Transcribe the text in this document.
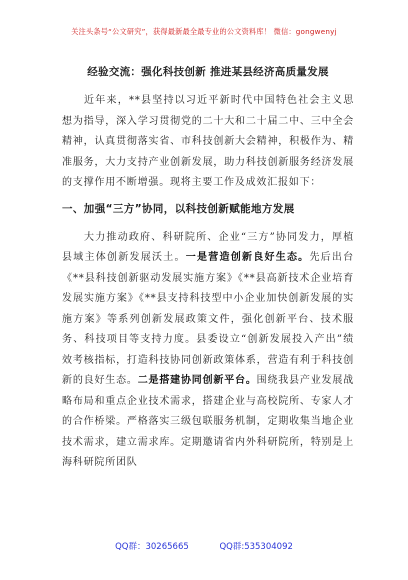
关注头条号“公文研究”，获得最新最全最专业的公文资料库！ 微信：gongwenyj
经验交流：强化科技创新 推进某县经济高质量发展

近年来，**县坚持以习近平新时代中国特色社会主义思想为指导，深入学习贯彻党的二十大和二十届二中、三中全会精神，认真贯彻落实省、市科技创新大会精神，积极作为、精准服务，大力支持产业创新发展，助力科技创新服务经济发展的支撑作用不断增强。现将主要工作及成效汇报如下：

一、加强“三方”协同，以科技创新赋能地方发展

大力推动政府、科研院所、企业“三方”协同发力，厚植县域主体创新发展沃土。一是营造创新良好生态。先后出台《**县科技创新驱动发展实施方案》《**县高新技术企业培育发展实施方案》《**县支持科技型中小企业加快创新发展的实施方案》等系列创新发展政策文件，强化创新平台、技术服务、科技项目等支持力度。县委设立“创新发展投入产出”绩效考核指标，打造科技协同创新政策体系，营造有利于科技创新的良好生态。二是搭建协同创新平台。围绕我县产业发展战略布局和重点企业技术需求，搭建企业与高校院所、专家人才的合作桥梁。严格落实三级包联服务机制，定期收集当地企业技术需求，建立需求库。定期邀请省内外科研院所，特别是上海科研院所团队

QQ群：30265665	QQ群:535304092
